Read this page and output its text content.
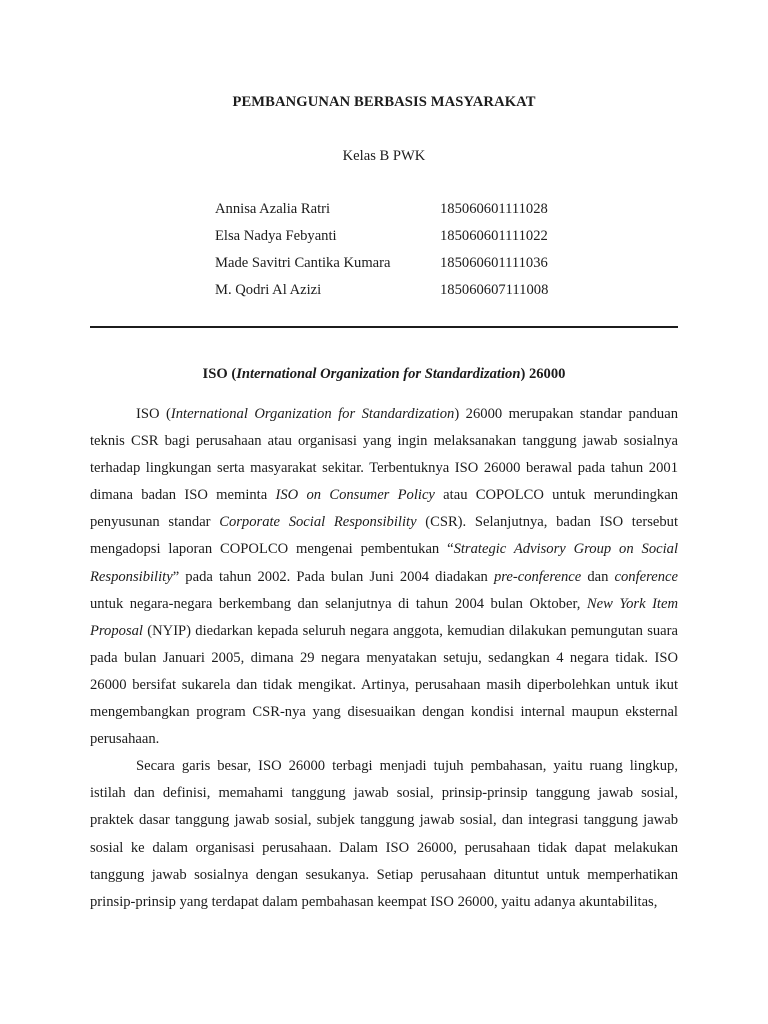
PEMBANGUNAN BERBASIS MASYARAKAT
Kelas B PWK
Annisa Azalia Ratri	185060601111028
Elsa Nadya Febyanti	185060601111022
Made Savitri Cantika Kumara	185060601111036
M. Qodri Al Azizi	185060607111008
ISO (International Organization for Standardization) 26000

ISO (International Organization for Standardization) 26000 merupakan standar panduan teknis CSR bagi perusahaan atau organisasi yang ingin melaksanakan tanggung jawab sosialnya terhadap lingkungan serta masyarakat sekitar. Terbentuknya ISO 26000 berawal pada tahun 2001 dimana badan ISO meminta ISO on Consumer Policy atau COPOLCO untuk merundingkan penyusunan standar Corporate Social Responsibility (CSR). Selanjutnya, badan ISO tersebut mengadopsi laporan COPOLCO mengenai pembentukan “Strategic Advisory Group on Social Responsibility” pada tahun 2002. Pada bulan Juni 2004 diadakan pre-conference dan conference untuk negara-negara berkembang dan selanjutnya di tahun 2004 bulan Oktober, New York Item Proposal (NYIP) diedarkan kepada seluruh negara anggota, kemudian dilakukan pemungutan suara pada bulan Januari 2005, dimana 29 negara menyatakan setuju, sedangkan 4 negara tidak. ISO 26000 bersifat sukarela dan tidak mengikat. Artinya, perusahaan masih diperbolehkan untuk ikut mengembangkan program CSR-nya yang disesuaikan dengan kondisi internal maupun eksternal perusahaan.

Secara garis besar, ISO 26000 terbagi menjadi tujuh pembahasan, yaitu ruang lingkup, istilah dan definisi, memahami tanggung jawab sosial, prinsip-prinsip tanggung jawab sosial, praktek dasar tanggung jawab sosial, subjek tanggung jawab sosial, dan integrasi tanggung jawab sosial ke dalam organisasi perusahaan. Dalam ISO 26000, perusahaan tidak dapat melakukan tanggung jawab sosialnya dengan sesukanya. Setiap perusahaan dituntut untuk memperhatikan prinsip-prinsip yang terdapat dalam pembahasan keempat ISO 26000, yaitu adanya akuntabilitas,
